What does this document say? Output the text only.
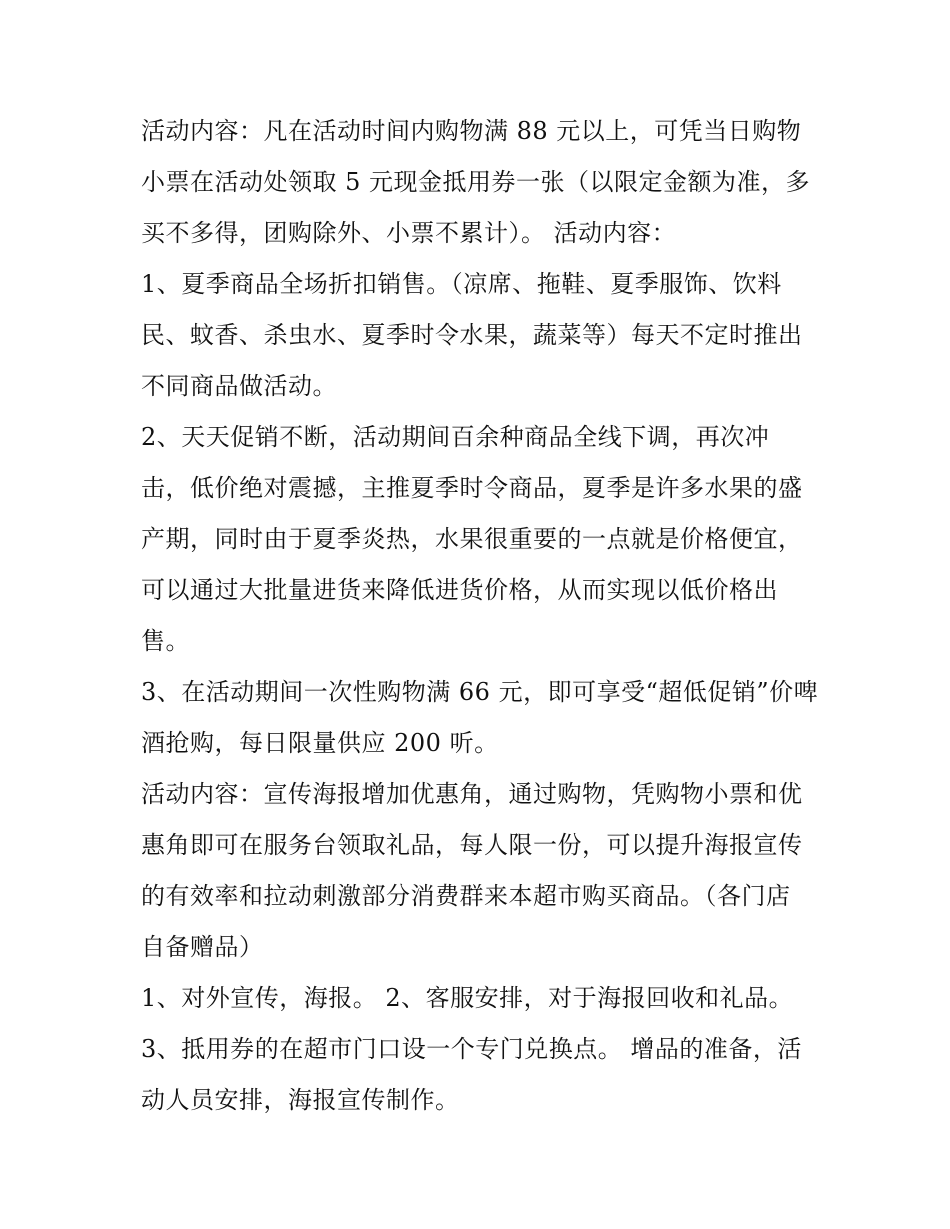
活动内容：凡在活动时间内购物满 88 元以上，可凭当日购物
小票在活动处领取 5 元现金抵用券一张（以限定金额为准，多
买不多得，团购除外、小票不累计）。 活动内容：
1、夏季商品全场折扣销售。（凉席、拖鞋、夏季服饰、饮料
民、蚊香、杀虫水、夏季时令水果，蔬菜等）每天不定时推出
不同商品做活动。
2、天天促销不断，活动期间百余种商品全线下调，再次冲
击，低价绝对震撼，主推夏季时令商品，夏季是许多水果的盛
产期，同时由于夏季炎热，水果很重要的一点就是价格便宜，
可以通过大批量进货来降低进货价格，从而实现以低价格出
售。
3、在活动期间一次性购物满 66 元，即可享受“超低促销”价啤
酒抢购，每日限量供应 200 听。
活动内容：宣传海报增加优惠角，通过购物，凭购物小票和优
惠角即可在服务台领取礼品，每人限一份，可以提升海报宣传
的有效率和拉动刺激部分消费群来本超市购买商品。（各门店
自备赠品）
1、对外宣传，海报。 2、客服安排，对于海报回收和礼品。
3、抵用券的在超市门口设一个专门兑换点。 增品的准备，活
动人员安排，海报宣传制作。
